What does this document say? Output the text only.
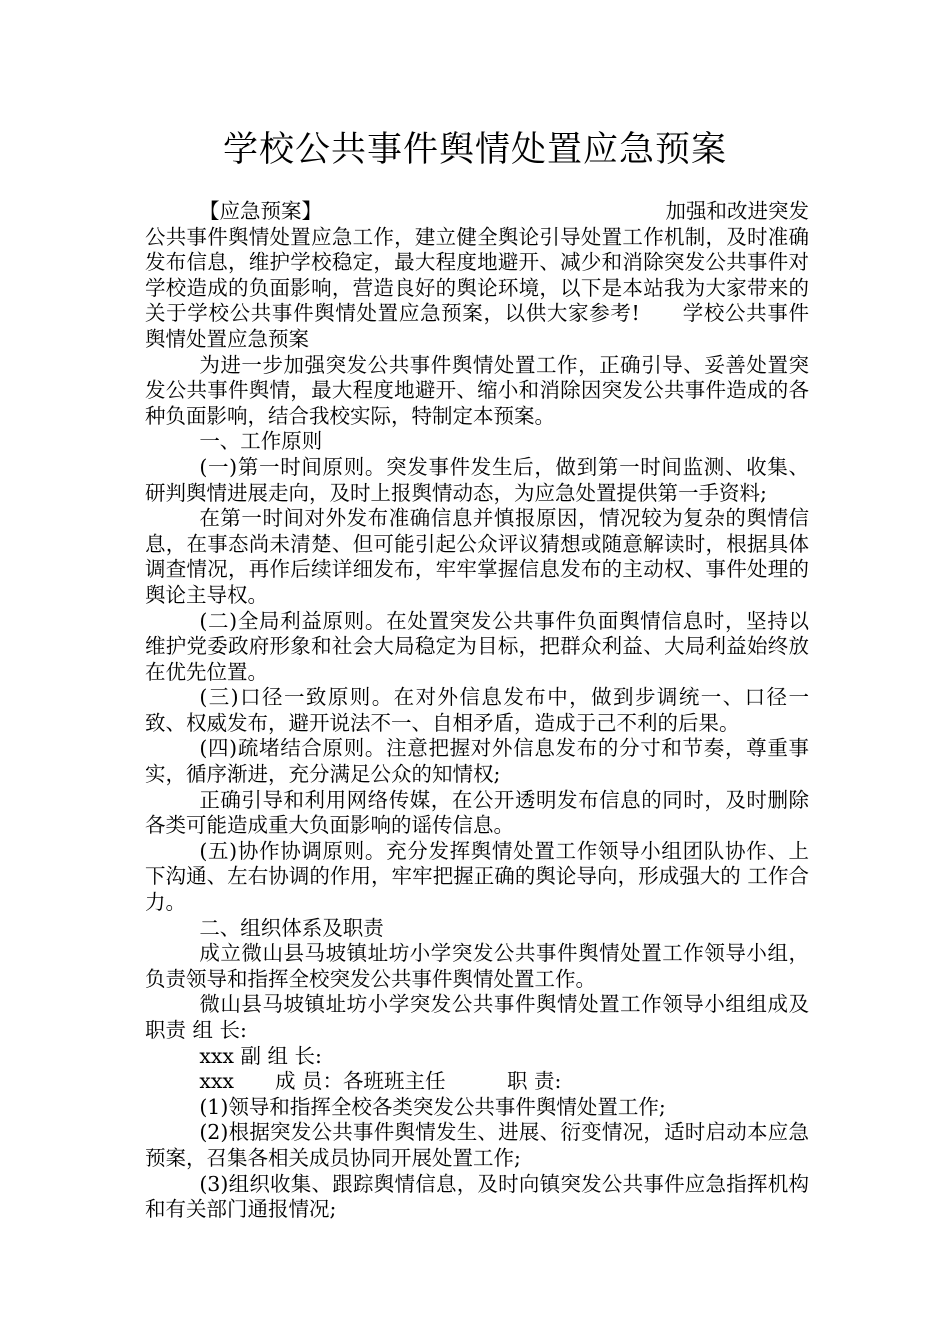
学校公共事件舆情处置应急预案
【应急预案】	加强和改进突发

公共事件舆情处置应急工作，建立健全舆论引导处置工作机制，及时准确发布信息，维护学校稳定，最大程度地避开、减少和消除突发公共事件对学校造成的负面影响，营造良好的舆论环境，以下是本站我为大家带来的关于学校公共事件舆情处置应急预案，以供大家参考!　　学校公共事件舆情处置应急预案

为进一步加强突发公共事件舆情处置工作，正确引导、妥善处置突发公共事件舆情，最大程度地避开、缩小和消除因突发公共事件造成的各种负面影响，结合我校实际，特制定本预案。

一、工作原则

(一)第一时间原则。突发事件发生后，做到第一时间监测、收集、研判舆情进展走向，及时上报舆情动态，为应急处置提供第一手资料;

在第一时间对外发布准确信息并慎报原因，情况较为复杂的舆情信息，在事态尚未清楚、但可能引起公众评议猜想或随意解读时，根据具体调查情况，再作后续详细发布，牢牢掌握信息发布的主动权、事件处理的舆论主导权。

(二)全局利益原则。在处置突发公共事件负面舆情信息时，坚持以维护党委政府形象和社会大局稳定为目标，把群众利益、大局利益始终放在优先位置。

(三)口径一致原则。在对外信息发布中，做到步调统一、口径一致、权威发布，避开说法不一、自相矛盾，造成于己不利的后果。

(四)疏堵结合原则。注意把握对外信息发布的分寸和节奏，尊重事实，循序渐进，充分满足公众的知情权;

正确引导和利用网络传媒，在公开透明发布信息的同时，及时删除各类可能造成重大负面影响的谣传信息。

(五)协作协调原则。充分发挥舆情处置工作领导小组团队协作、上下沟通、左右协调的作用，牢牢把握正确的舆论导向，形成强大的 工作合力。

二、组织体系及职责

成立微山县马坡镇址坊小学突发公共事件舆情处置工作领导小组，负责领导和指挥全校突发公共事件舆情处置工作。

微山县马坡镇址坊小学突发公共事件舆情处置工作领导小组组成及职责 组 长:

xxx 副 组 长:

xxx　　成 员：各班班主任　　　职 责:

(1)领导和指挥全校各类突发公共事件舆情处置工作;

(2)根据突发公共事件舆情发生、进展、衍变情况，适时启动本应急预案，召集各相关成员协同开展处置工作;

(3)组织收集、跟踪舆情信息，及时向镇突发公共事件应急指挥机构和有关部门通报情况;
